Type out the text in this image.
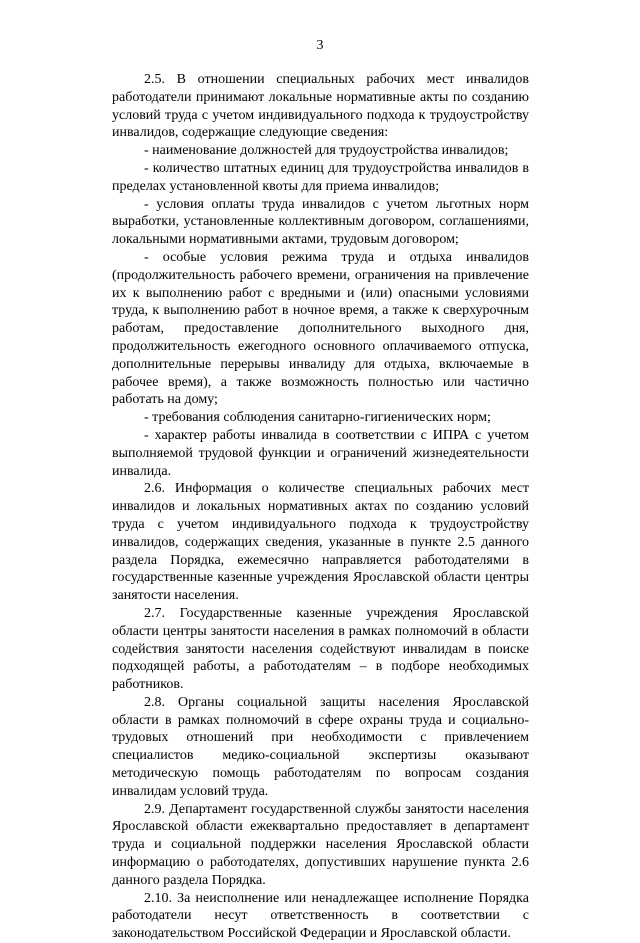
3

2.5. В отношении специальных рабочих мест инвалидов работодатели принимают локальные нормативные акты по созданию условий труда с учетом индивидуального подхода к трудоустройству инвалидов, содержащие следующие сведения:

- наименование должностей для трудоустройства инвалидов;

- количество штатных единиц для трудоустройства инвалидов в пределах установленной квоты для приема инвалидов;

- условия оплаты труда инвалидов с учетом льготных норм выработки, установленные коллективным договором, соглашениями, локальными нормативными актами, трудовым договором;

- особые условия режима труда и отдыха инвалидов (продолжительность рабочего времени, ограничения на привлечение их к выполнению работ с вредными и (или) опасными условиями труда, к выполнению работ в ночное время, а также к сверхурочным работам, предоставление дополнительного выходного дня, продолжительность ежегодного основного оплачиваемого отпуска, дополнительные перерывы инвалиду для отдыха, включаемые в рабочее время), а также возможность полностью или частично работать на дому;

- требования соблюдения санитарно-гигиенических норм;

- характер работы инвалида в соответствии с ИПРА с учетом выполняемой трудовой функции и ограничений жизнедеятельности инвалида.

2.6. Информация о количестве специальных рабочих мест инвалидов и локальных нормативных актах по созданию условий труда с учетом индивидуального подхода к трудоустройству инвалидов, содержащих сведения, указанные в пункте 2.5 данного раздела Порядка, ежемесячно направляется работодателями в государственные казенные учреждения Ярославской области центры занятости населения.

2.7. Государственные казенные учреждения Ярославской области центры занятости населения в рамках полномочий в области содействия занятости населения содействуют инвалидам в поиске подходящей работы, а работодателям – в подборе необходимых работников.

2.8. Органы социальной защиты населения Ярославской области в рамках полномочий в сфере охраны труда и социально-трудовых отношений при необходимости с привлечением специалистов медико-социальной экспертизы оказывают методическую помощь работодателям по вопросам создания инвалидам условий труда.

2.9. Департамент государственной службы занятости населения Ярославской области ежеквартально предоставляет в департамент труда и социальной поддержки населения Ярославской области информацию о работодателях, допустивших нарушение пункта 2.6 данного раздела Порядка.

2.10. За неисполнение или ненадлежащее исполнение Порядка работодатели несут ответственность в соответствии с законодательством Российской Федерации и Ярославской области.
